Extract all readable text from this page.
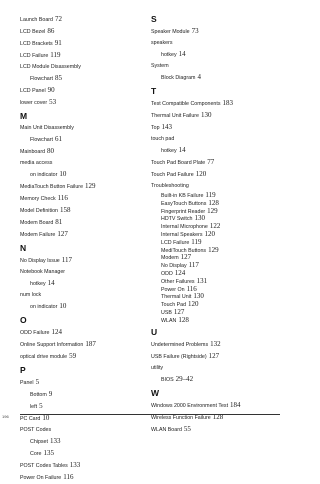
Launch Board 72
LCD Bezel 86
LCD Brackets 91
LCD Failure 119
LCD Module Disassembly
Flowchart 85
LCD Panel 90
lower cover 53
M
Main Unit Disassembly
Flowchart 61
Mainboard 80
media access
on indicator 10
MediaTouch Button Failure 129
Memory Check 116
Model Definition 158
Modem Board 81
Modem Failure 127
N
No Display Issue 117
Notebook Manager
hotkey 14
num lock
on indicator 10
O
ODD Failure 124
Online Support Information 187
optical drive module 59
P
Panel 5
Bottom 9
left 5
PC Card 10
POST Codes
Chipset 133
Core 135
POST Codes Tables 133
Power On Failure 116
S
Speaker Module 73
speakers
hotkey 14
System
Block Diagram 4
T
Test Compatible Components 183
Thermal Unit Failure 130
Top 143
touch pad
hotkey 14
Touch Pad Board Plate 77
Touch Pad Failure 120
Troubleshooting
Built-in KB Failure 119
EasyTouch Buttons 128
Fingerprint Reader 129
HDTV Switch 130
Internal Microphone 122
Internal Speakers 120
LCD Failure 119
MediTouch Buttons 129
Modem 127
No Display 117
ODD 124
Other Failures 131
Power On 116
Thermal Unit 130
Touch Pad 120
USB 127
WLAN 128
U
Undetermined Problems 132
USB Failure (Rightside) 127
utility
BIOS 29–42
W
Windows 2000 Environment Test 184
Wireless Function Failure 128
WLAN Board 55
196
